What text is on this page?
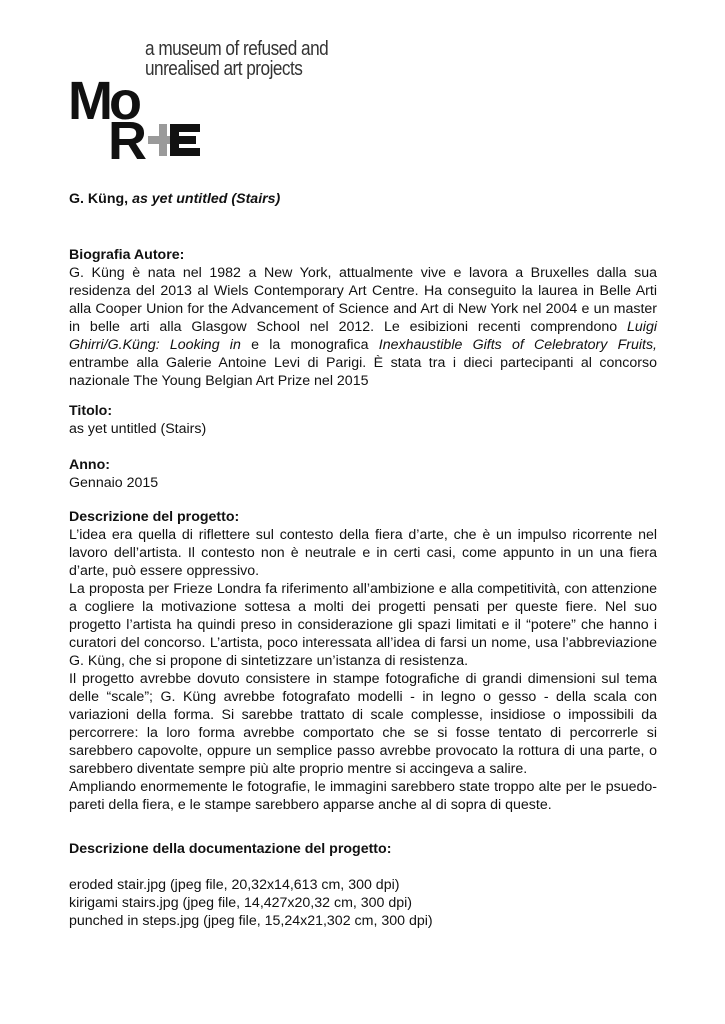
a museum of refused and
unrealised art projects
Mo
R
G. Küng, as yet untitled (Stairs)
Biografia Autore:

G. Küng è nata nel 1982 a New York, attualmente vive e lavora a Bruxelles dalla sua residenza del 2013 al Wiels Contemporary Art Centre. Ha conseguito la laurea in Belle Arti alla Cooper Union for the Advancement of Science and Art di New York nel 2004 e un master in belle arti alla Glasgow School nel 2012. Le esibizioni recenti comprendono Luigi Ghirri/G.Küng: Looking in e la monografica Inexhaustible Gifts of Celebratory Fruits, entrambe alla Galerie Antoine Levi di Parigi. È stata tra i dieci partecipanti al concorso nazionale The Young Belgian Art Prize nel 2015

Titolo:
as yet untitled (Stairs)
Anno:
Gennaio 2015
Descrizione del progetto:

L’idea era quella di riflettere sul contesto della fiera d’arte, che è un impulso ricorrente nel lavoro dell’artista. Il contesto non è neutrale e in certi casi, come appunto in un una fiera d’arte, può essere oppressivo.

La proposta per Frieze Londra fa riferimento all’ambizione e alla competitività, con attenzione a cogliere la motivazione sottesa a molti dei progetti pensati per queste fiere. Nel suo progetto l’artista ha quindi preso in considerazione gli spazi limitati e il “potere” che hanno i curatori del concorso. L’artista, poco interessata all’idea di farsi un nome, usa l’abbreviazione G. Küng, che si propone di sintetizzare un’istanza di resistenza.

Il progetto avrebbe dovuto consistere in stampe fotografiche di grandi dimensioni sul tema delle “scale”; G. Küng avrebbe fotografato modelli - in legno o gesso - della scala con variazioni della forma. Si sarebbe trattato di scale complesse, insidiose o impossibili da percorrere: la loro forma avrebbe comportato che se si fosse tentato di percorrerle si sarebbero capovolte, oppure un semplice passo avrebbe provocato la rottura di una parte, o sarebbero diventate sempre più alte proprio mentre si accingeva a salire.

Ampliando enormemente le fotografie, le immagini sarebbero state troppo alte per le psuedo-pareti della fiera, e le stampe sarebbero apparse anche al di sopra di queste.

Descrizione della documentazione del progetto:
eroded stair.jpg (jpeg file, 20,32x14,613 cm, 300 dpi)
kirigami stairs.jpg (jpeg file, 14,427x20,32 cm, 300 dpi)
punched in steps.jpg (jpeg file, 15,24x21,302 cm, 300 dpi)
